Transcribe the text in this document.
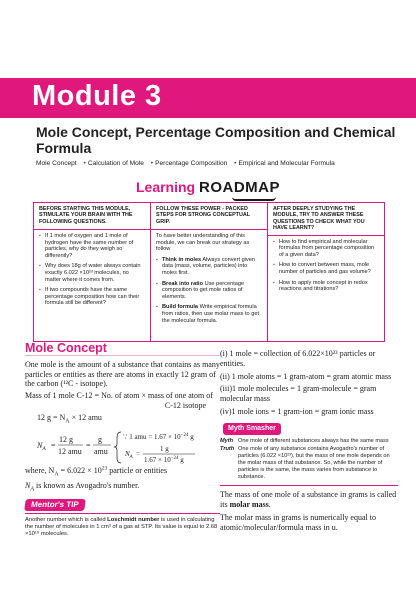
Module 3
Mole Concept, Percentage Composition and Chemical Formula
Mole Concept • Calculation of Mole • Percentage Composition • Empirical and Molecular Formula
Learning ROADMAP
BEFORE STARTING THIS MODULE, STIMULATE YOUR BRAIN WITH THE FOLLOWING QUESTIONS.
▪ If 1 mole of oxygen and 1 mole of hydrogen have the same number of particles, why do they weigh so differently?
▪ Why does 18g of water always contain exactly 6.022 ×10²³ molecules, no matter where it comes from.
▪ If two compounds have the same percentage composition how can their formula still be different?
FOLLOW THESE POWER - PACKED STEPS FOR STRONG CONCEPTUAL GRIP.
To have better understanding of this module, we can break our strategy as follow
▪ Think in moles Always convert given data (mass, volume, particles) into moles first.
▪ Break into ratio Use percentage composition to get mole ratios of elements.
▪ Build formula Write empirical formula from ratios, then use molar mass to get the molecular formula.
AFTER DEEPLY STUDYING THE MODULE, TRY TO ANSWER THESE QUESTIONS TO CHECK WHAT YOU HAVE LEARNT?
▪ How to find empirical and molecular formulas from percentage composition of a given data?
▪ How to convert between mass, mole number of particles and gas volume?
▪ How to apply mole concept in redox reactions and titrations?
Mole Concept

One mole is the amount of a substance that contains as many particles or entities as there are atoms in exactly 12 gram of the carbon (¹²C - isotope).

Mass of 1 mole C-12 = No. of atom × mass of one atom of

C-12 isotope

12 $g = N_A \times 12$ amu

$N_A$ =
12 g
12 amu
=
g
amu
∵ 1 amu = $1.67 \times 10^{-24}$ g
$N_A$ =
1 g
$1.67 \times 10^{-24}$ g

where, $N_A = 6.022 \times 10^{23}$ particle or entities

$N_A$ is known as Avogadro's number.

Mentor's TIP
Another number which is called Loschmidt number is used in calculating the number of molecules in 1 cm³ of a gas at STP. Its value is equal to 2.68 ×10¹⁹ molecules.

(i) 1 mole = collection of 6.022×10²³ particles or entities.

(ii) 1 mole atoms = 1 gram-atom = gram atomic mass

(iii)1 mole molecules = 1 gram-molecule = gram molecular mass

(iv)1 mole ions = 1 gram-ion = gram ionic mass

Myth Smasher
Myth One mole of different substances always has the same mass
Truth One mole of any substance contains Avogadro's number of particles (6.022 ×10²³), but the mass of one mole depends on the molar mass of that substance. So, while the number of particles is the same, the mass varies from substance to substance.

The mass of one mole of a substance in grams is called its molar mass.

The molar mass in grams is numerically equal to atomic/molecular/formula mass in u.
